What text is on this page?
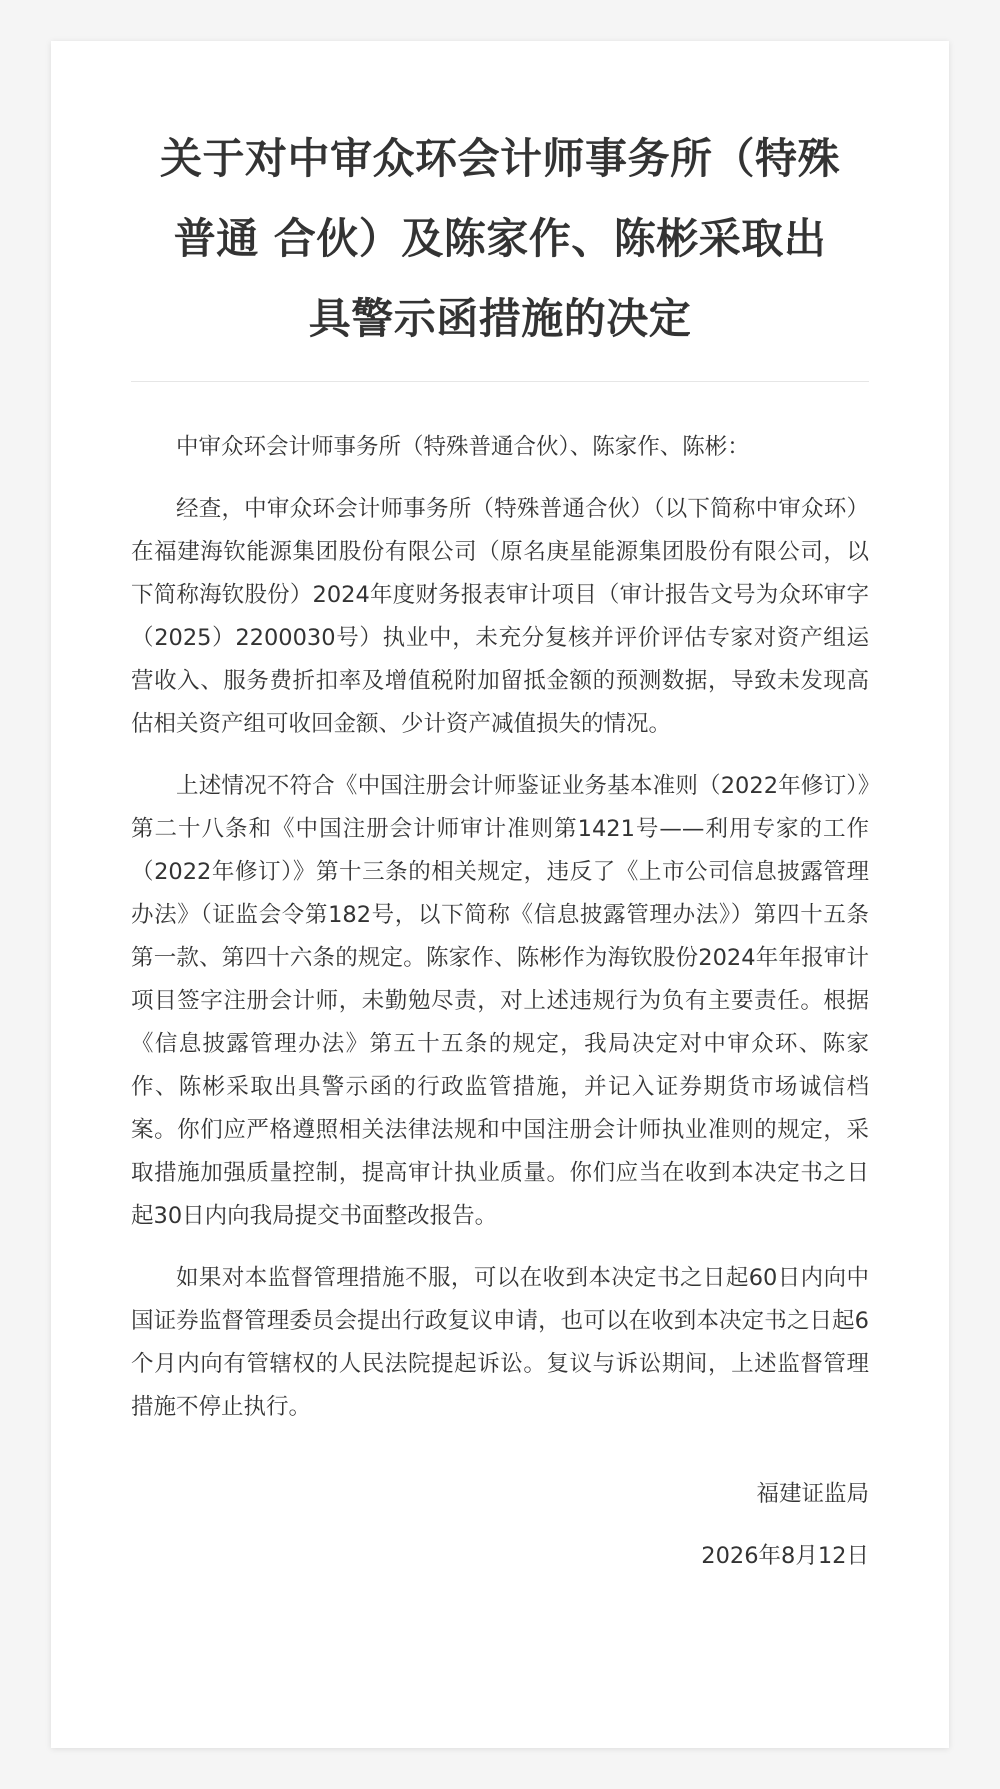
关于对中审众环会计师事务所（特殊
普通 合伙）及陈家作、陈彬采取出
具警示函措施的决定

中审众环会计师事务所（特殊普通合伙）、陈家作、陈彬：

经查，中审众环会计师事务所（特殊普通合伙）（以下简称中审众环）在福建海钦能源集团股份有限公司（原名庚星能源集团股份有限公司，以下简称海钦股份）2024年度财务报表审计项目（审计报告文号为众环审字（2025）2200030号）执业中，未充分复核并评价评估专家对资产组运营收入、服务费折扣率及增值税附加留抵金额的预测数据，导致未发现高估相关资产组可收回金额、少计资产减值损失的情况。

上述情况不符合《中国注册会计师鉴证业务基本准则（2022年修订）》第二十八条和《中国注册会计师审计准则第1421号——利用专家的工作（2022年修订）》第十三条的相关规定，违反了《上市公司信息披露管理办法》（证监会令第182号，以下简称《信息披露管理办法》）第四十五条第一款、第四十六条的规定。陈家作、陈彬作为海钦股份2024年年报审计项目签字注册会计师，未勤勉尽责，对上述违规行为负有主要责任。根据《信息披露管理办法》第五十五条的规定，我局决定对中审众环、陈家作、陈彬采取出具警示函的行政监管措施，并记入证券期货市场诚信档案。你们应严格遵照相关法律法规和中国注册会计师执业准则的规定，采取措施加强质量控制，提高审计执业质量。你们应当在收到本决定书之日起30日内向我局提交书面整改报告。

如果对本监督管理措施不服，可以在收到本决定书之日起60日内向中国证券监督管理委员会提出行政复议申请，也可以在收到本决定书之日起6个月内向有管辖权的人民法院提起诉讼。复议与诉讼期间，上述监督管理措施不停止执行。

福建证监局
2026年8月12日
